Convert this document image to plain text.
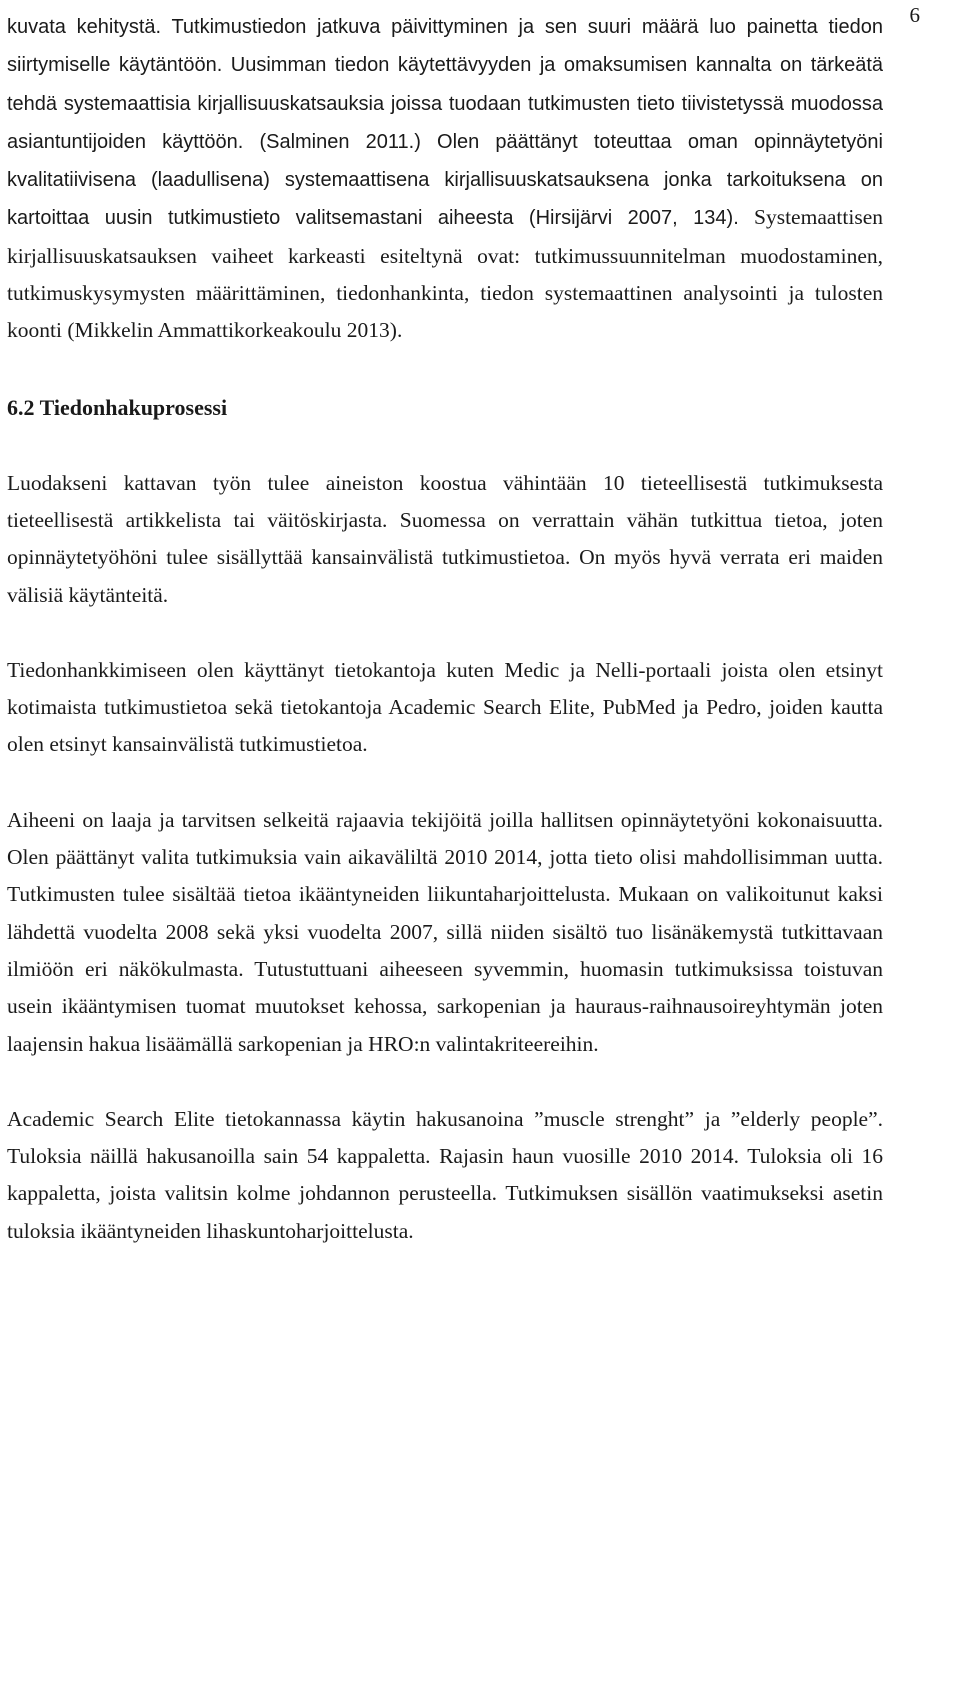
6

kuvata kehitystä. Tutkimustiedon jatkuva päivittyminen ja sen suuri määrä luo painetta tiedon siirtymiselle käytäntöön. Uusimman tiedon käytettävyyden ja omaksumisen kannalta on tärkeätä tehdä systemaattisia kirjallisuuskatsauksia joissa tuodaan tutkimusten tieto tiivistetyssä muodossa asiantuntijoiden käyttöön. (Salminen 2011.) Olen päättänyt toteuttaa oman opinnäytetyöni kvalitatiivisena (laadullisena) systemaattisena kirjallisuuskatsauksena jonka tarkoituksena on kartoittaa uusin tutkimustieto valitsemastani aiheesta (Hirsijärvi 2007, 134). Systemaattisen kirjallisuuskatsauksen vaiheet karkeasti esiteltynä ovat: tutkimussuunnitelman muodostaminen, tutkimuskysymysten määrittäminen, tiedonhankinta, tiedon systemaattinen analysointi ja tulosten koonti (Mikkelin Ammattikorkeakoulu 2013).

6.2 Tiedonhakuprosessi

Luodakseni kattavan työn tulee aineiston koostua vähintään 10 tieteellisestä tutkimuksesta tieteellisestä artikkelista tai väitöskirjasta. Suomessa on verrattain vähän tutkittua tietoa, joten opinnäytetyöhöni tulee sisällyttää kansainvälistä tutkimustietoa. On myös hyvä verrata eri maiden välisiä käytänteitä.

Tiedonhankkimiseen olen käyttänyt tietokantoja kuten Medic ja Nelli-portaali joista olen etsinyt kotimaista tutkimustietoa sekä tietokantoja Academic Search Elite, PubMed ja Pedro, joiden kautta olen etsinyt kansainvälistä tutkimustietoa.

Aiheeni on laaja ja tarvitsen selkeitä rajaavia tekijöitä joilla hallitsen opinnäytetyöni kokonaisuutta. Olen päättänyt valita tutkimuksia vain aikaväliltä 2010 2014, jotta tieto olisi mahdollisimman uutta. Tutkimusten tulee sisältää tietoa ikääntyneiden liikuntaharjoittelusta. Mukaan on valikoitunut kaksi lähdettä vuodelta 2008 sekä yksi vuodelta 2007, sillä niiden sisältö tuo lisänäkemystä tutkittavaan ilmiöön eri näkökulmasta. Tutustuttuani aiheeseen syvemmin, huomasin tutkimuksissa toistuvan usein ikääntymisen tuomat muutokset kehossa, sarkopenian ja hauraus-raihnausoireyhtymän joten laajensin hakua lisäämällä sarkopenian ja HRO:n valintakriteereihin.

Academic Search Elite tietokannassa käytin hakusanoina ”muscle strenght” ja ”elderly people”. Tuloksia näillä hakusanoilla sain 54 kappaletta. Rajasin haun vuosille 2010 2014. Tuloksia oli 16 kappaletta, joista valitsin kolme johdannon perusteella. Tutkimuksen sisällön vaatimukseksi asetin tuloksia ikääntyneiden lihaskuntoharjoittelusta.
